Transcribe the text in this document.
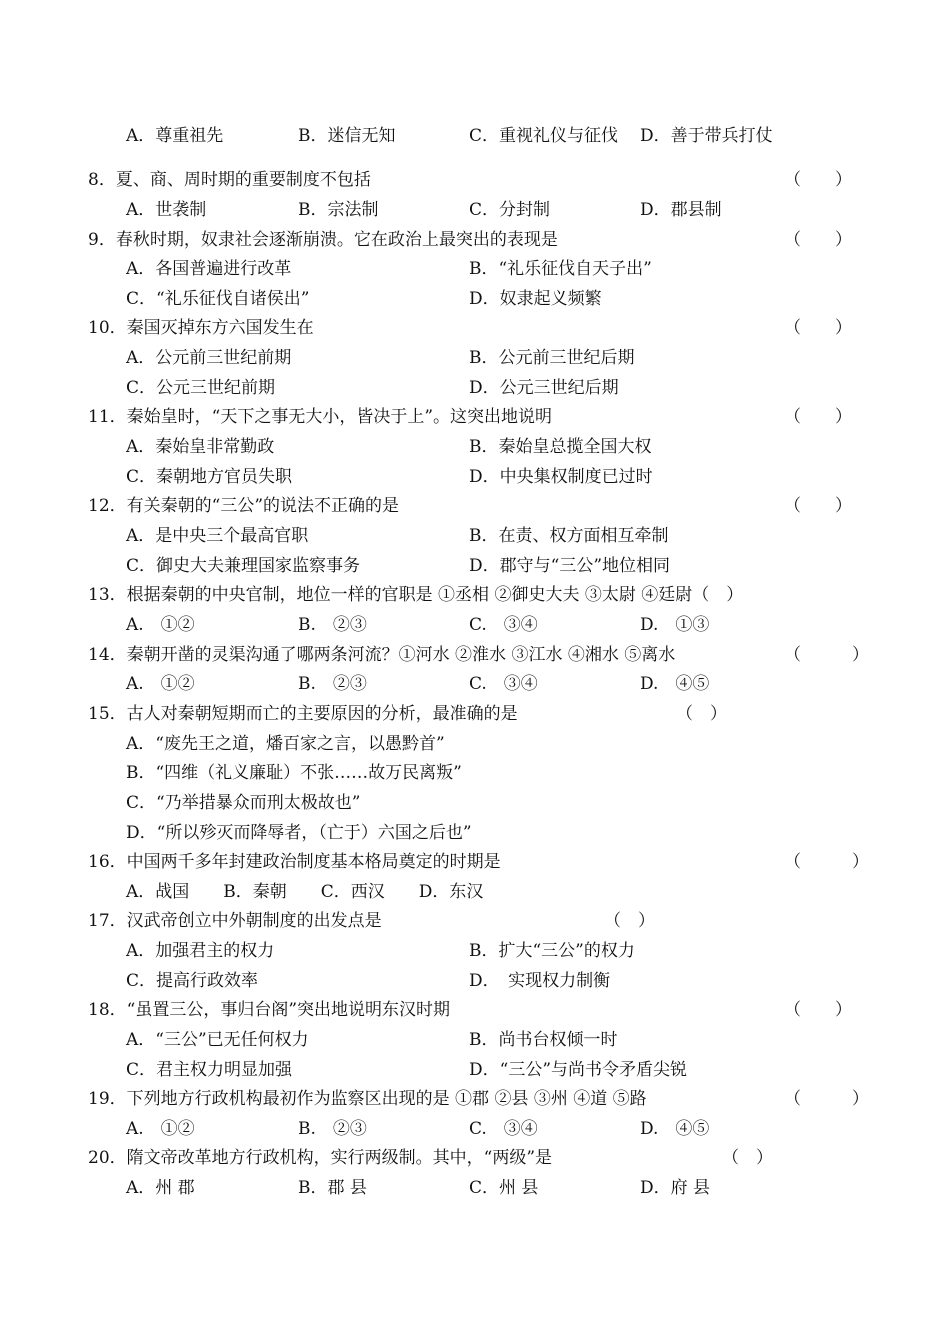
A．尊重祖先	B．迷信无知	C．重视礼仪与征伐 D．善于带兵打仗
8．夏、商、周时期的重要制度不包括	（　　）
A．世袭制	B．宗法制	C．分封制	D．郡县制
9．春秋时期，奴隶社会逐渐崩溃。它在政治上最突出的表现是	（　　）
A．各国普遍进行改革	B．“礼乐征伐自天子出”
C．“礼乐征伐自诸侯出”	D．奴隶起义频繁
10．秦国灭掉东方六国发生在	（　　）
A．公元前三世纪前期	B．公元前三世纪后期
C．公元三世纪前期	D．公元三世纪后期
11．秦始皇时，“天下之事无大小，皆决于上”。这突出地说明	（　　）
A．秦始皇非常勤政	B．秦始皇总揽全国大权
C．秦朝地方官员失职	D．中央集权制度已过时
12．有关秦朝的“三公”的说法不正确的是	（　　）
A．是中央三个最高官职	B．在责、权方面相互牵制
C．御史大夫兼理国家监察事务	D．郡守与“三公”地位相同
13．根据秦朝的中央官制，地位一样的官职是 ①丞相 ②御史大夫 ③太尉 ④廷尉（　）
A.　①②	B.　②③	C.　③④	D.　①③
14．秦朝开凿的灵渠沟通了哪两条河流？①河水 ②淮水 ③江水 ④湘水 ⑤离水	（　　　）
A.　①②	B.　②③	C.　③④	D.　④⑤
15．古人对秦朝短期而亡的主要原因的分析，最准确的是	（　）
A．“废先王之道，燔百家之言，以愚黔首”
B．“四维（礼义廉耻）不张……故万民离叛”
C．“乃举措暴众而刑太极故也”
D．“所以殄灭而降辱者，（亡于）六国之后也”
16．中国两千多年封建政治制度基本格局奠定的时期是	（　　　）
A．战国　　B．秦朝　　C．西汉　　D．东汉
17．汉武帝创立中外朝制度的出发点是	（　）
A．加强君主的权力	B．扩大“三公”的权力
C．提高行政效率	D．　实现权力制衡
18．“虽置三公，事归台阁”突出地说明东汉时期	（　　）
A．“三公”已无任何权力	B．尚书台权倾一时
C．君主权力明显加强	D．“三公”与尚书令矛盾尖锐
19．下列地方行政机构最初作为监察区出现的是 ①郡 ②县 ③州 ④道 ⑤路	（　　　）
A.　①②	B.　②③	C.　③④	D.　④⑤
20．隋文帝改革地方行政机构，实行两级制。其中，“两级”是	（　）
A．州 郡	B．郡 县	C．州 县	D．府 县
